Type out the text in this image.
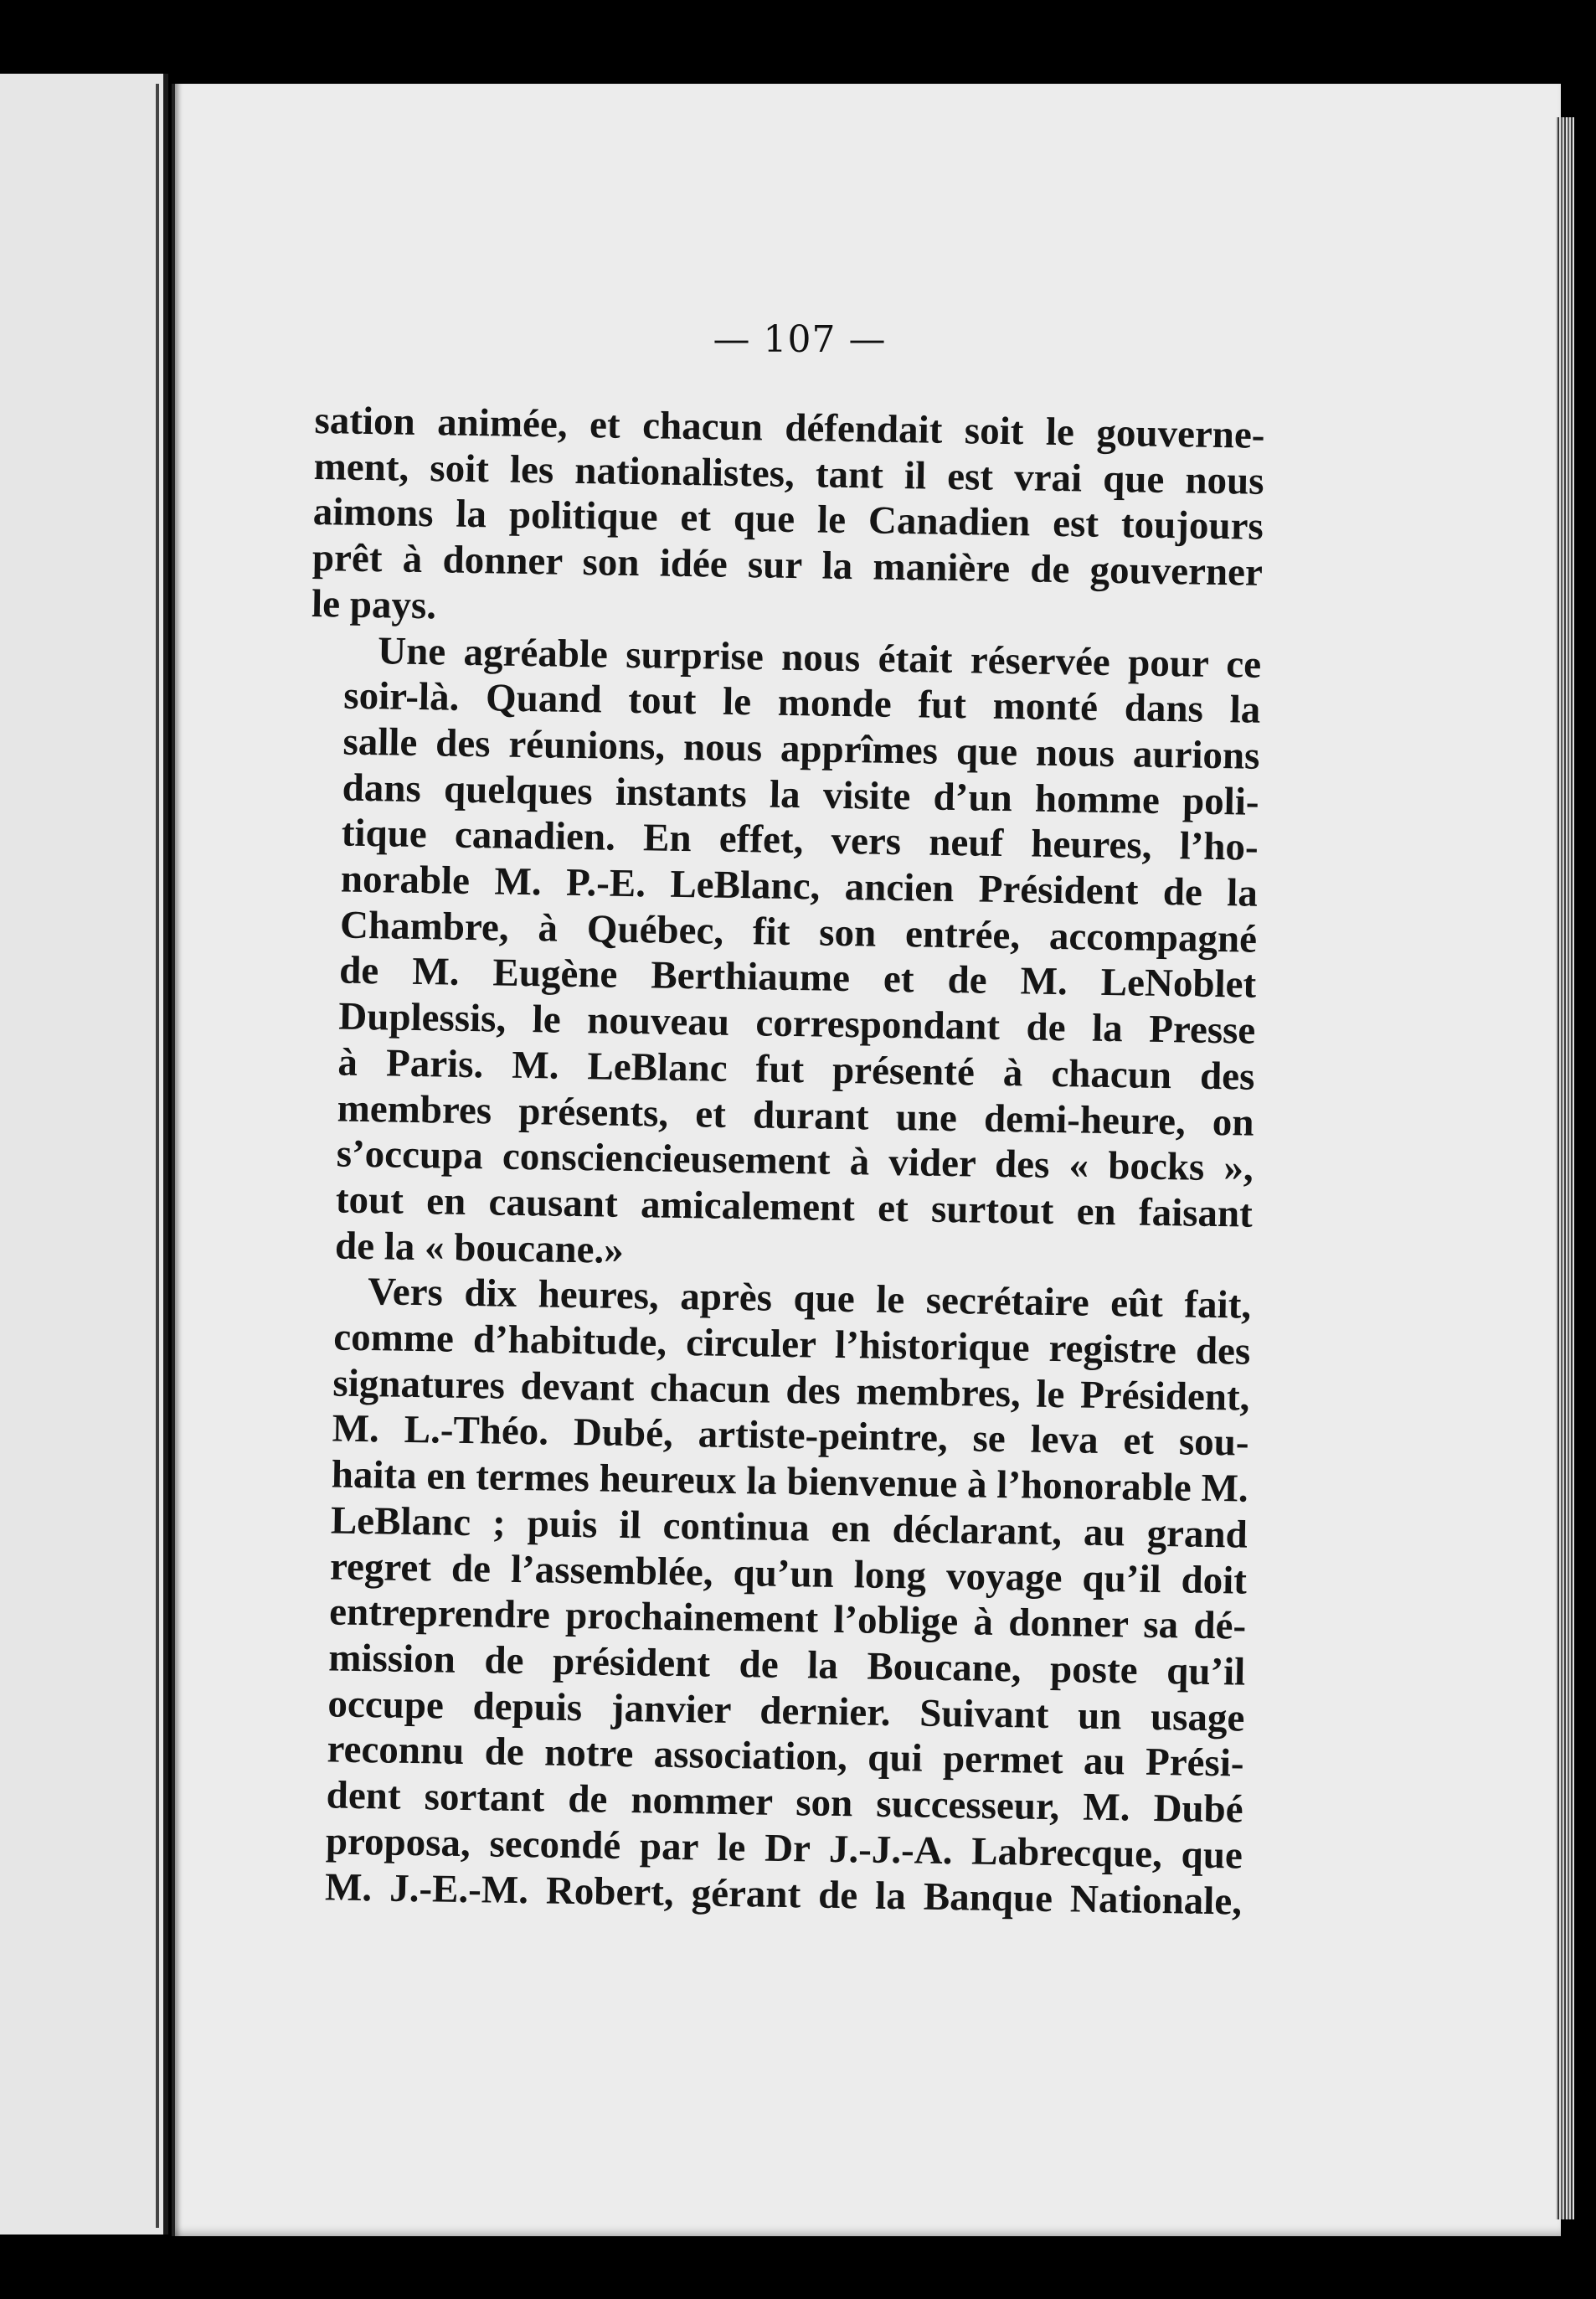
— 107 —

sation animée, et chacun défendait soit le gouverne-
ment, soit les nationalistes, tant il est vrai que nous
aimons la politique et que le Canadien est toujours
prêt à donner son idée sur la manière de gouverner
le pays.

Une agréable surprise nous était réservée pour ce
soir-là. Quand tout le monde fut monté dans la
salle des réunions, nous apprîmes que nous aurions
dans quelques instants la visite d’un homme poli-
tique canadien. En effet, vers neuf heures, l’ho-
norable M. P.-E. LeBlanc, ancien Président de la
Chambre, à Québec, fit son entrée, accompagné
de M. Eugène Berthiaume et de M. LeNoblet
Duplessis, le nouveau correspondant de la Presse
à Paris. M. LeBlanc fut présenté à chacun des
membres présents, et durant une demi-heure, on
s’occupa consciencieusement à vider des « bocks »,
tout en causant amicalement et surtout en faisant
de la « boucane.»

Vers dix heures, après que le secrétaire eût fait,
comme d’habitude, circuler l’historique registre des
signatures devant chacun des membres, le Président,
M. L.-Théo. Dubé, artiste-peintre, se leva et sou-
haita en termes heureux la bienvenue à l’honorable M.
LeBlanc ; puis il continua en déclarant, au grand
regret de l’assemblée, qu’un long voyage qu’il doit
entreprendre prochainement l’oblige à donner sa dé-
mission de président de la Boucane, poste qu’il
occupe depuis janvier dernier. Suivant un usage
reconnu de notre association, qui permet au Prési-
dent sortant de nommer son successeur, M. Dubé
proposa, secondé par le Dr J.-J.-A. Labrecque, que
M. J.-E.-M. Robert, gérant de la Banque Nationale,
